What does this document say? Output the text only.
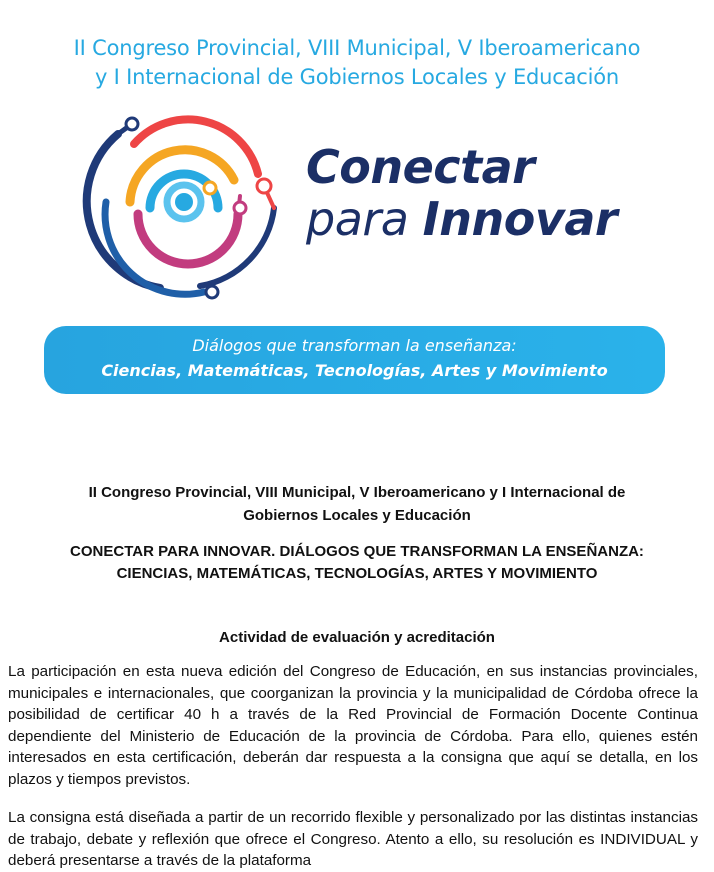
II Congreso Provincial, VIII Municipal, V Iberoamericano
y I Internacional de Gobiernos Locales y Educación
Conectar
para Innovar
Diálogos que transforman la enseñanza:
Ciencias, Matemáticas, Tecnologías, Artes y Movimiento
II Congreso Provincial, VIII Municipal, V Iberoamericano y I Internacional de
Gobiernos Locales y Educación
CONECTAR PARA INNOVAR. DIÁLOGOS QUE TRANSFORMAN LA ENSEÑANZA:
CIENCIAS, MATEMÁTICAS, TECNOLOGÍAS, ARTES Y MOVIMIENTO
Actividad de evaluación y acreditación
La participación en esta nueva edición del Congreso de Educación, en sus instancias provinciales, municipales e internacionales, que coorganizan la provincia y la municipalidad de Córdoba ofrece la posibilidad de certificar 40 h a través de la Red Provincial de Formación Docente Continua dependiente del Ministerio de Educación de la provincia de Córdoba. Para ello, quienes estén interesados en esta certificación, deberán dar respuesta a la consigna que aquí se detalla, en los plazos y tiempos previstos.
La consigna está diseñada a partir de un recorrido flexible y personalizado por las distintas instancias de trabajo, debate y reflexión que ofrece el Congreso. Atento a ello, su resolución es INDIVIDUAL y deberá presentarse a través de la plataforma
